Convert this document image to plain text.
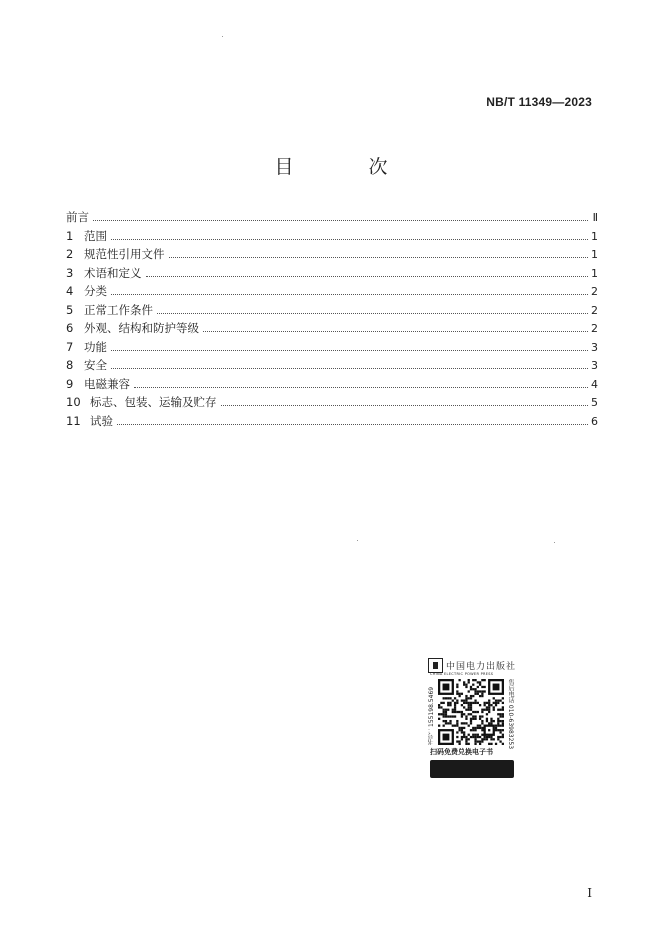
NB/T 11349—2023
目　次
前言	Ⅱ
1 范围	1
2 规范性引用文件	1
3 术语和定义	1
4 分类	2
5 正常工作条件	2
6 外观、结构和防护等级	2
7 功能	3
8 安全	3
9 电磁兼容	4
10 标志、包装、运输及贮存	5
11 试验	6
中国电力出版社
CHINA ELECTRIC POWER PRESS
书号：155198.5469	售后电话 010-63983253
扫码免费兑换电子书
I
